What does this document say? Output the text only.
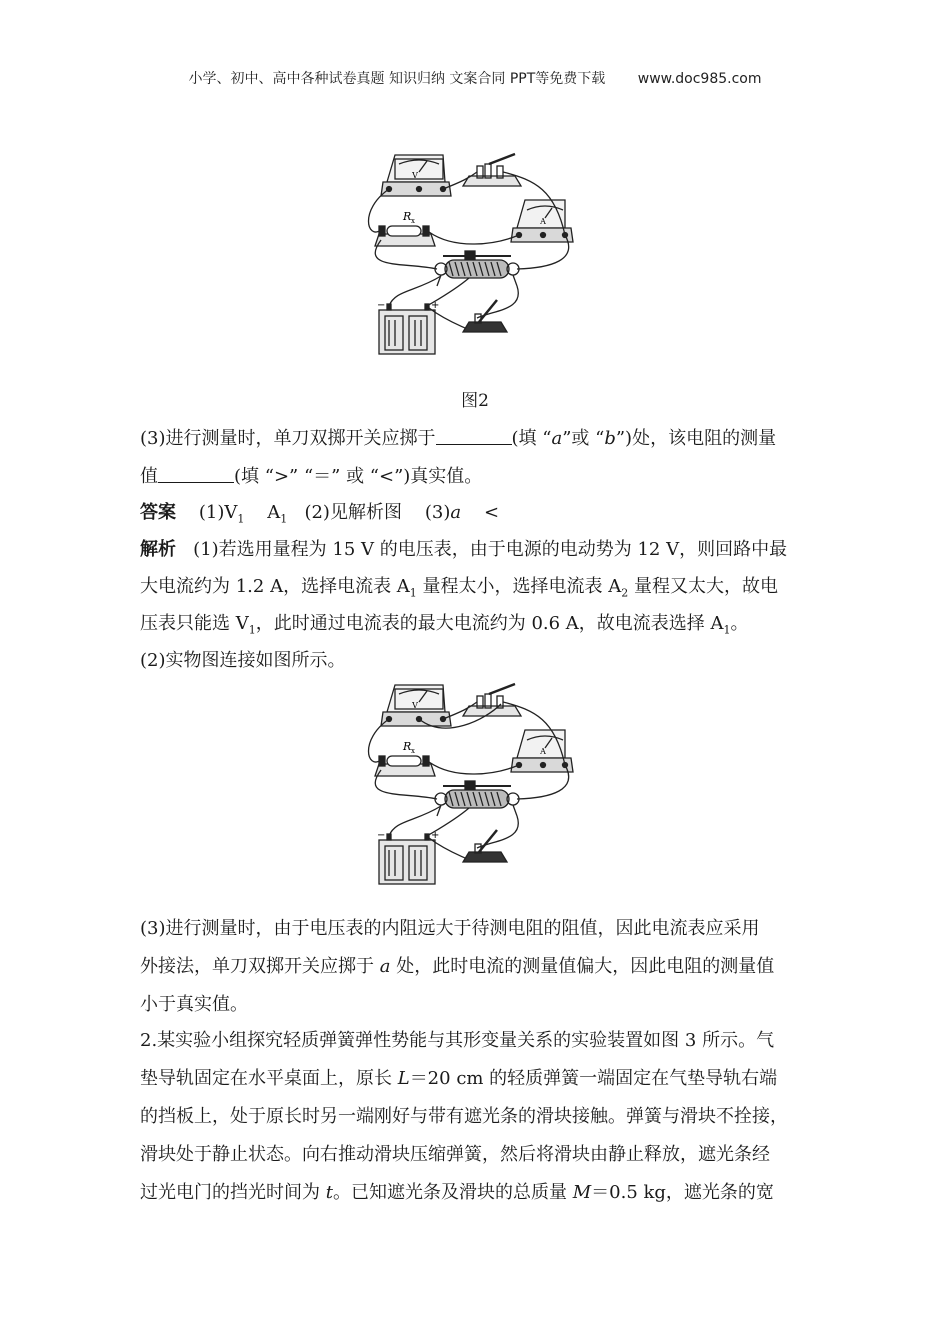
小学、初中、高中各种试卷真题 知识归纳 文案合同 PPT等免费下载 www.doc985.com
V
A
R x
−	+
图2
(3)进行测量时，单刀双掷开关应掷于	(填 “a”或 “b”)处，该电阻的测量
值	(填 “>” “＝” 或 “<”)真实值。
答案 $(1)V_1$ $A_1$ (2)见解析图 (3)a <
解析 (1)若选用量程为 15 V 的电压表，由于电源的电动势为 12 V，则回路中最
大电流约为 1.2 A，选择电流表 $A_1$ 量程太小，选择电流表 $A_2$ 量程又太大，故电
压表只能选 $V_1$，此时通过电流表的最大电流约为 0.6 A，故电流表选择 $A_1$。
(2)实物图连接如图所示。
V
A
R x
−	+
(3)进行测量时，由于电压表的内阻远大于待测电阻的阻值，因此电流表应采用
外接法，单刀双掷开关应掷于 a 处，此时电流的测量值偏大，因此电阻的测量值
小于真实值。
2.某实验小组探究轻质弹簧弹性势能与其形变量关系的实验装置如图 3 所示。气
垫导轨固定在水平桌面上，原长 L＝20 cm 的轻质弹簧一端固定在气垫导轨右端
的挡板上，处于原长时另一端刚好与带有遮光条的滑块接触。弹簧与滑块不拴接，
滑块处于静止状态。向右推动滑块压缩弹簧，然后将滑块由静止释放，遮光条经
过光电门的挡光时间为 t。已知遮光条及滑块的总质量 M＝0.5 kg，遮光条的宽
